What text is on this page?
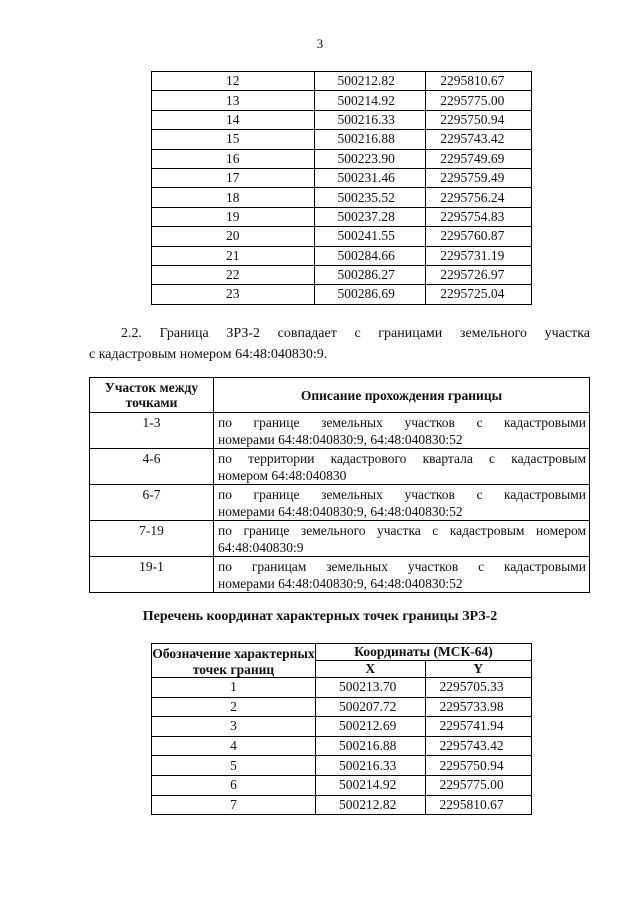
3
12	500212.82	2295810.67
13	500214.92	2295775.00
14	500216.33	2295750.94
15	500216.88	2295743.42
16	500223.90	2295749.69
17	500231.46	2295759.49
18	500235.52	2295756.24
19	500237.28	2295754.83
20	500241.55	2295760.87
21	500284.66	2295731.19
22	500286.27	2295726.97
23	500286.69	2295725.04
2.2. Граница ЗРЗ-2 совпадает с границами земельного участка
с кадастровым номером 64:48:040830:9.
Участок между точками	Описание прохождения границы
1-3	по границе земельных участков с кадастровыми
номерами 64:48:040830:9, 64:48:040830:52

4-6	по территории кадастрового квартала с кадастровым
номером 64:48:040830

6-7	по границе земельных участков с кадастровыми
номерами 64:48:040830:9, 64:48:040830:52

7-19	по границе земельного участка с кадастровым номером
64:48:040830:9

19-1	по границам земельных участков с кадастровыми
номерами 64:48:040830:9, 64:48:040830:52
Перечень координат характерных точек границы ЗРЗ-2
Обозначение характерных точек границ	Координаты (МСК-64)	
	X	Y
1	500213.70	2295705.33
2	500207.72	2295733.98
3	500212.69	2295741.94
4	500216.88	2295743.42
5	500216.33	2295750.94
6	500214.92	2295775.00
7	500212.82	2295810.67
